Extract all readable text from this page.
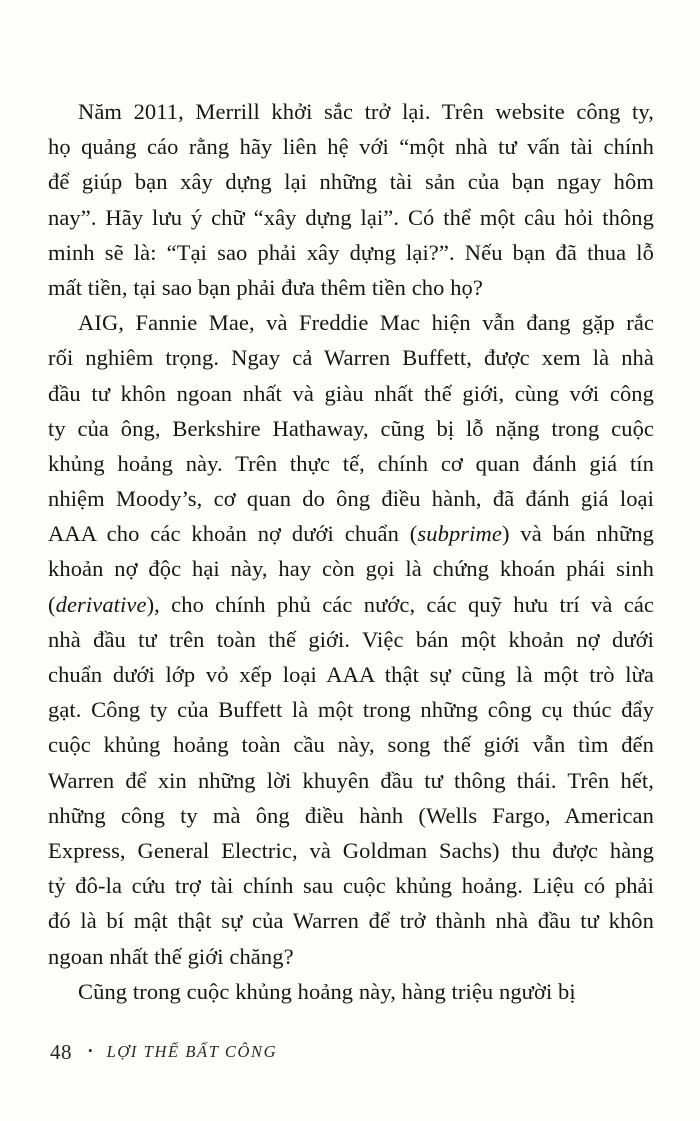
Năm 2011, Merrill khởi sắc trở lại. Trên website công ty,
họ quảng cáo rằng hãy liên hệ với “một nhà tư vấn tài chính
để giúp bạn xây dựng lại những tài sản của bạn ngay hôm
nay”. Hãy lưu ý chữ “xây dựng lại”. Có thể một câu hỏi thông
minh sẽ là: “Tại sao phải xây dựng lại?”. Nếu bạn đã thua lỗ
mất tiền, tại sao bạn phải đưa thêm tiền cho họ?
AIG, Fannie Mae, và Freddie Mac hiện vẫn đang gặp rắc
rối nghiêm trọng. Ngay cả Warren Buffett, được xem là nhà
đầu tư khôn ngoan nhất và giàu nhất thế giới, cùng với công
ty của ông, Berkshire Hathaway, cũng bị lỗ nặng trong cuộc
khủng hoảng này. Trên thực tế, chính cơ quan đánh giá tín
nhiệm Moody’s, cơ quan do ông điều hành, đã đánh giá loại
AAA cho các khoản nợ dưới chuẩn (subprime) và bán những
khoản nợ độc hại này, hay còn gọi là chứng khoán phái sinh
(derivative), cho chính phủ các nước, các quỹ hưu trí và các
nhà đầu tư trên toàn thế giới. Việc bán một khoản nợ dưới
chuẩn dưới lớp vỏ xếp loại AAA thật sự cũng là một trò lừa
gạt. Công ty của Buffett là một trong những công cụ thúc đẩy
cuộc khủng hoảng toàn cầu này, song thế giới vẫn tìm đến
Warren để xin những lời khuyên đầu tư thông thái. Trên hết,
những công ty mà ông điều hành (Wells Fargo, American
Express, General Electric, và Goldman Sachs) thu được hàng
tỷ đô-la cứu trợ tài chính sau cuộc khủng hoảng. Liệu có phải
đó là bí mật thật sự của Warren để trở thành nhà đầu tư khôn
ngoan nhất thế giới chăng?
Cũng trong cuộc khủng hoảng này, hàng triệu người bị
48 • LỢI THẾ BẤT CÔNG
